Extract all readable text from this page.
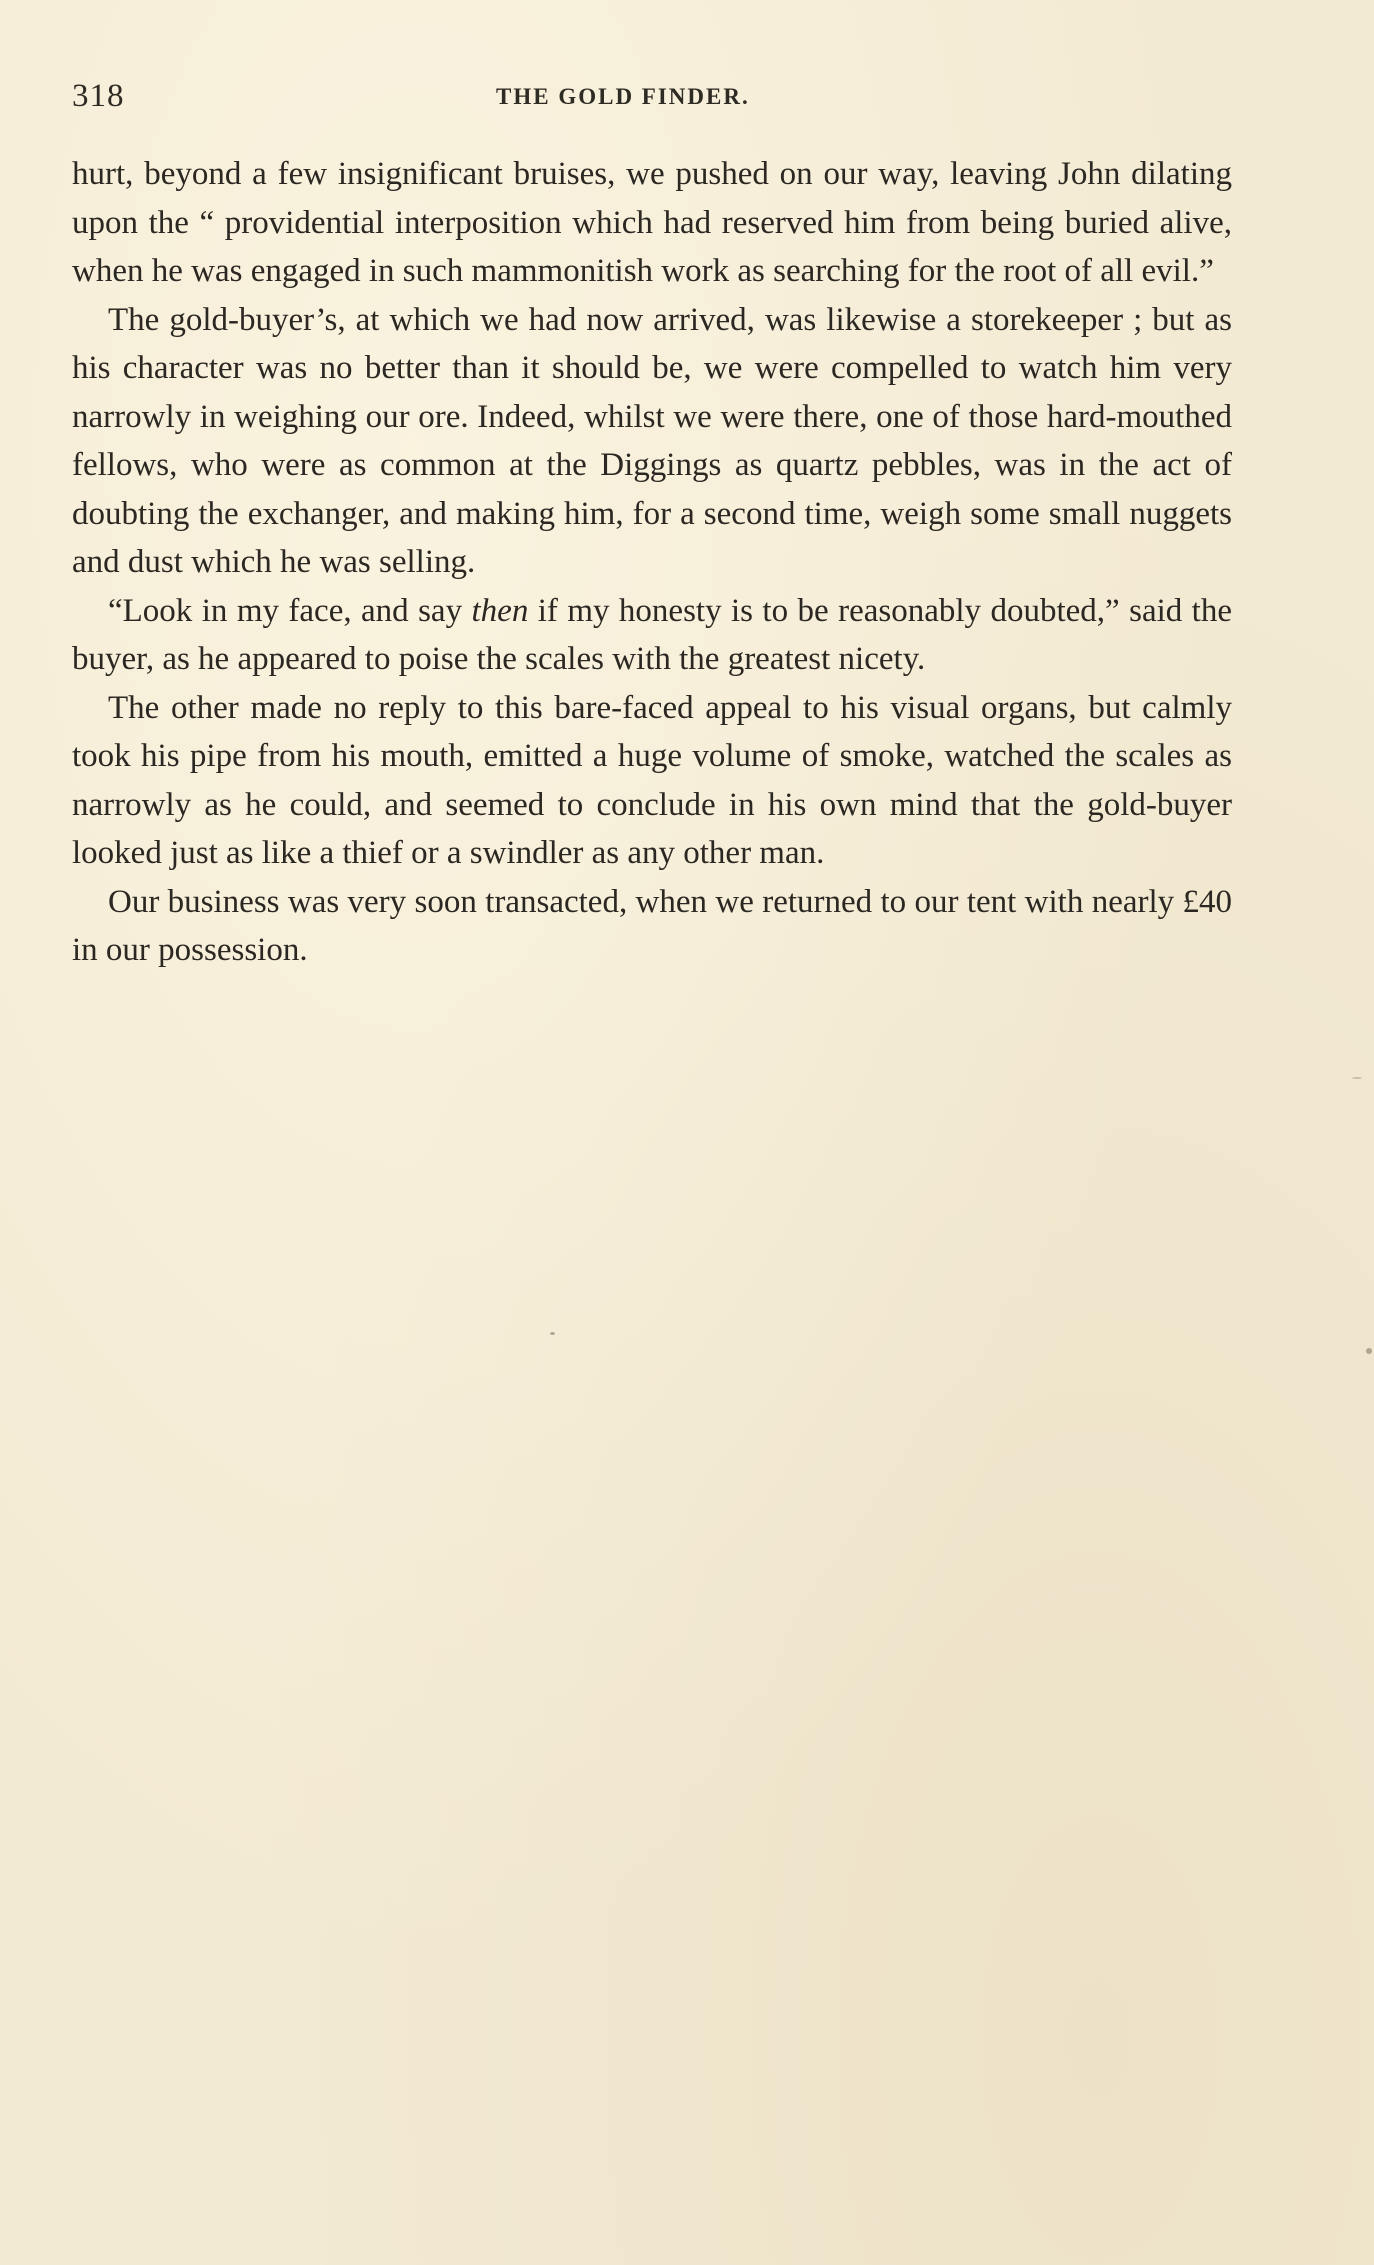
318	THE GOLD FINDER.

hurt, beyond a few insignificant bruises, we pushed on our way, leaving John dilating upon the “ providential interposition which had reserved him from being buried alive, when he was engaged in such mammonitish work as searching for the root of all evil.”

The gold-buyer’s, at which we had now arrived, was likewise a storekeeper ; but as his character was no better than it should be, we were compelled to watch him very narrowly in weighing our ore. Indeed, whilst we were there, one of those hard-mouthed fellows, who were as common at the Diggings as quartz pebbles, was in the act of doubting the exchanger, and making him, for a second time, weigh some small nuggets and dust which he was selling.

“Look in my face, and say then if my honesty is to be reasonably doubted,” said the buyer, as he appeared to poise the scales with the greatest nicety.

The other made no reply to this bare-faced appeal to his visual organs, but calmly took his pipe from his mouth, emitted a huge volume of smoke, watched the scales as narrowly as he could, and seemed to conclude in his own mind that the gold-buyer looked just as like a thief or a swindler as any other man.

Our business was very soon transacted, when we returned to our tent with nearly £40 in our possession.
